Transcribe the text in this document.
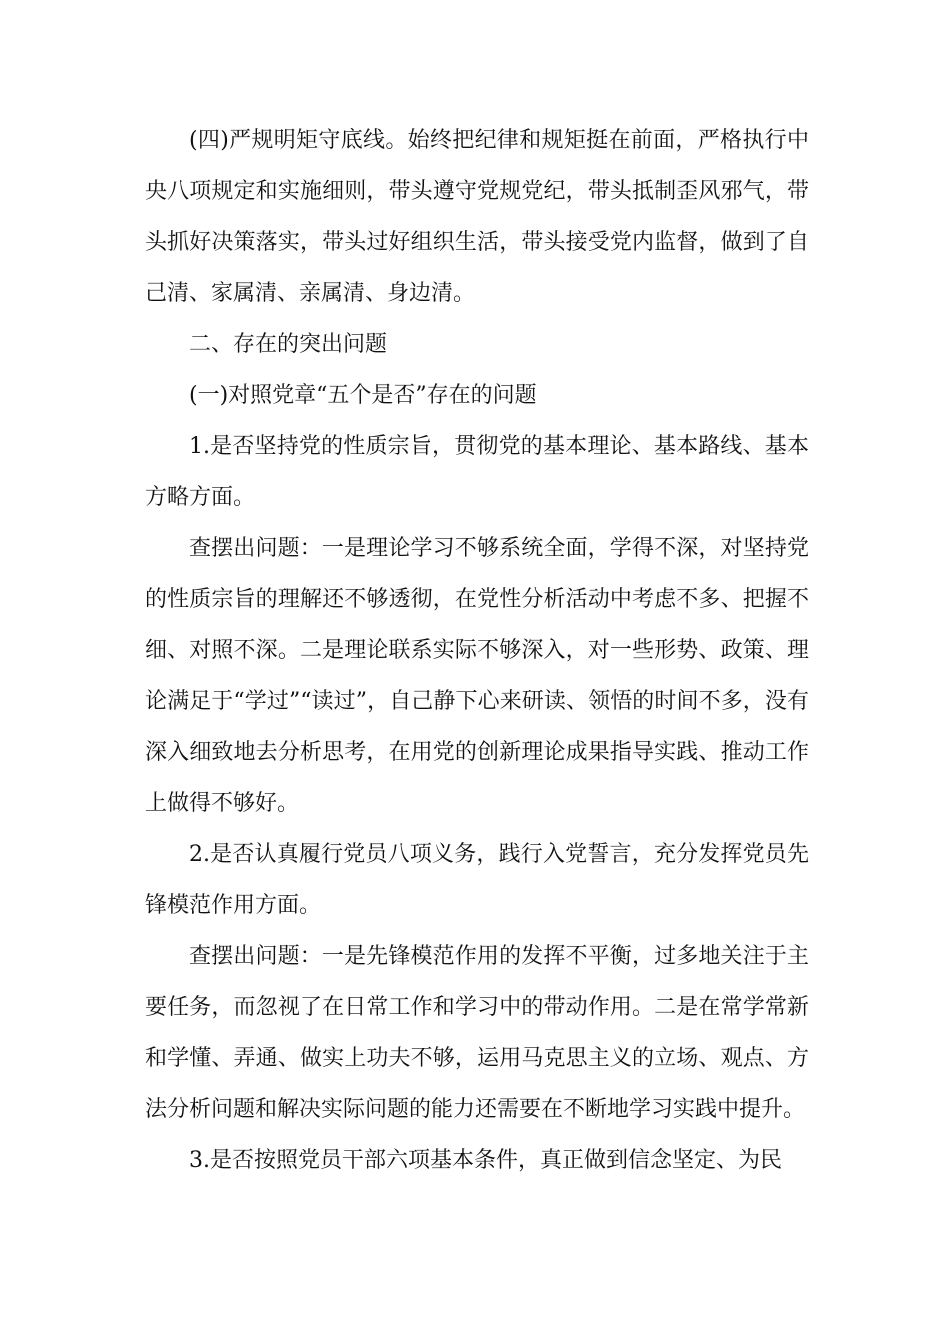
(四)严规明矩守底线。始终把纪律和规矩挺在前面，严格执行中央八项规定和实施细则，带头遵守党规党纪，带头抵制歪风邪气，带头抓好决策落实，带头过好组织生活，带头接受党内监督，做到了自己清、家属清、亲属清、身边清。

二、存在的突出问题

(一)对照党章“五个是否”存在的问题

1.是否坚持党的性质宗旨，贯彻党的基本理论、基本路线、基本方略方面。

查摆出问题：一是理论学习不够系统全面，学得不深，对坚持党的性质宗旨的理解还不够透彻，在党性分析活动中考虑不多、把握不细、对照不深。二是理论联系实际不够深入，对一些形势、政策、理论满足于“学过”“读过”，自己静下心来研读、领悟的时间不多，没有深入细致地去分析思考，在用党的创新理论成果指导实践、推动工作上做得不够好。

2.是否认真履行党员八项义务，践行入党誓言，充分发挥党员先锋模范作用方面。

查摆出问题：一是先锋模范作用的发挥不平衡，过多地关注于主要任务，而忽视了在日常工作和学习中的带动作用。二是在常学常新和学懂、弄通、做实上功夫不够，运用马克思主义的立场、观点、方法分析问题和解决实际问题的能力还需要在不断地学习实践中提升。

3.是否按照党员干部六项基本条件，真正做到信念坚定、为民
